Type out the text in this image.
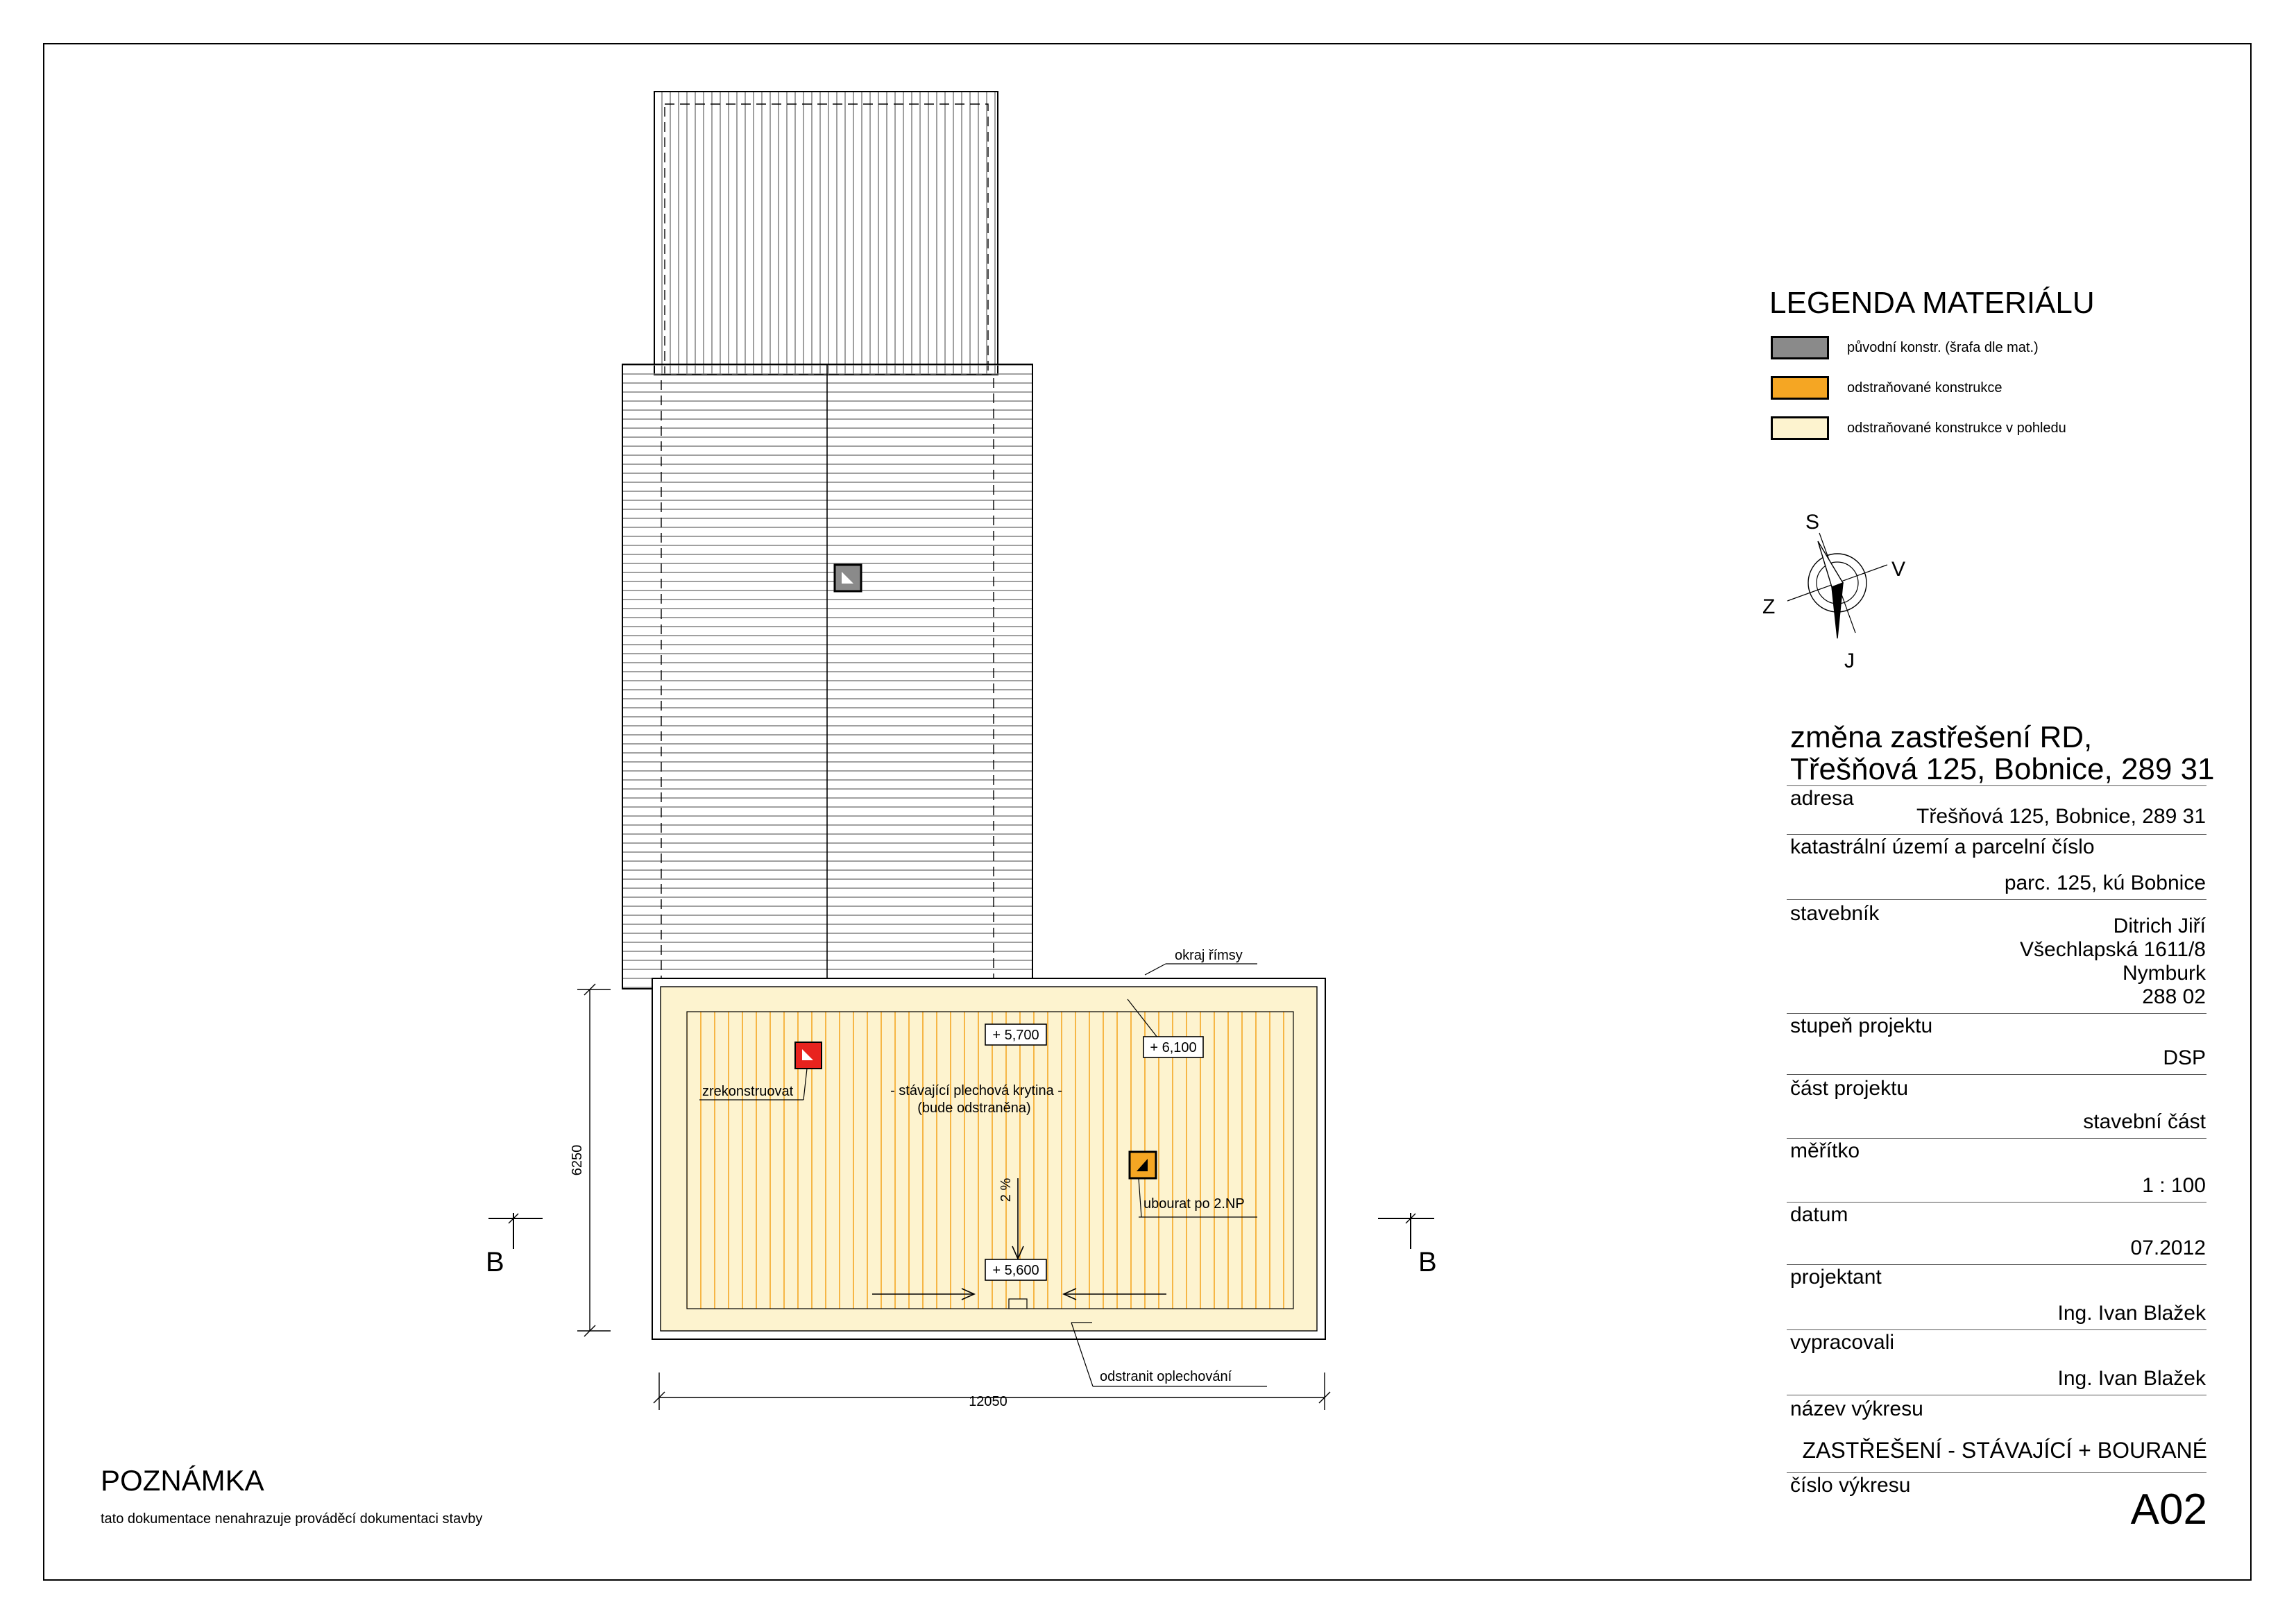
2 %
+ 5,700
+ 6,100
+ 5,600
okraj římsy
zrekonstruovat	- stávající plechová krytina -
(bude odstraněna)
ubourat po 2.NP
odstranit oplechování
6250
12050
B	B
S
V
J
Z
LEGENDA MATERIÁLU
původní konstr. (šrafa dle mat.)
odstraňované konstrukce
odstraňované konstrukce v pohledu
změna zastřešení RD,
Třešňová 125, Bobnice, 289 31
adresa
Třešňová 125, Bobnice, 289 31
katastrální území a parcelní číslo
parc. 125, kú Bobnice
stavebník
Ditrich Jiří
Všechlapská 1611/8
Nymburk
288 02
stupeň projektu
DSP
část projektu
stavební část
měřítko
1 : 100
datum
07.2012
projektant
Ing. Ivan Blažek
vypracovali
Ing. Ivan Blažek
název výkresu
ZASTŘEŠENÍ - STÁVAJÍCÍ + BOURANÉ
číslo výkresu
A02
POZNÁMKA
tato dokumentace nenahrazuje prováděcí dokumentaci stavby
